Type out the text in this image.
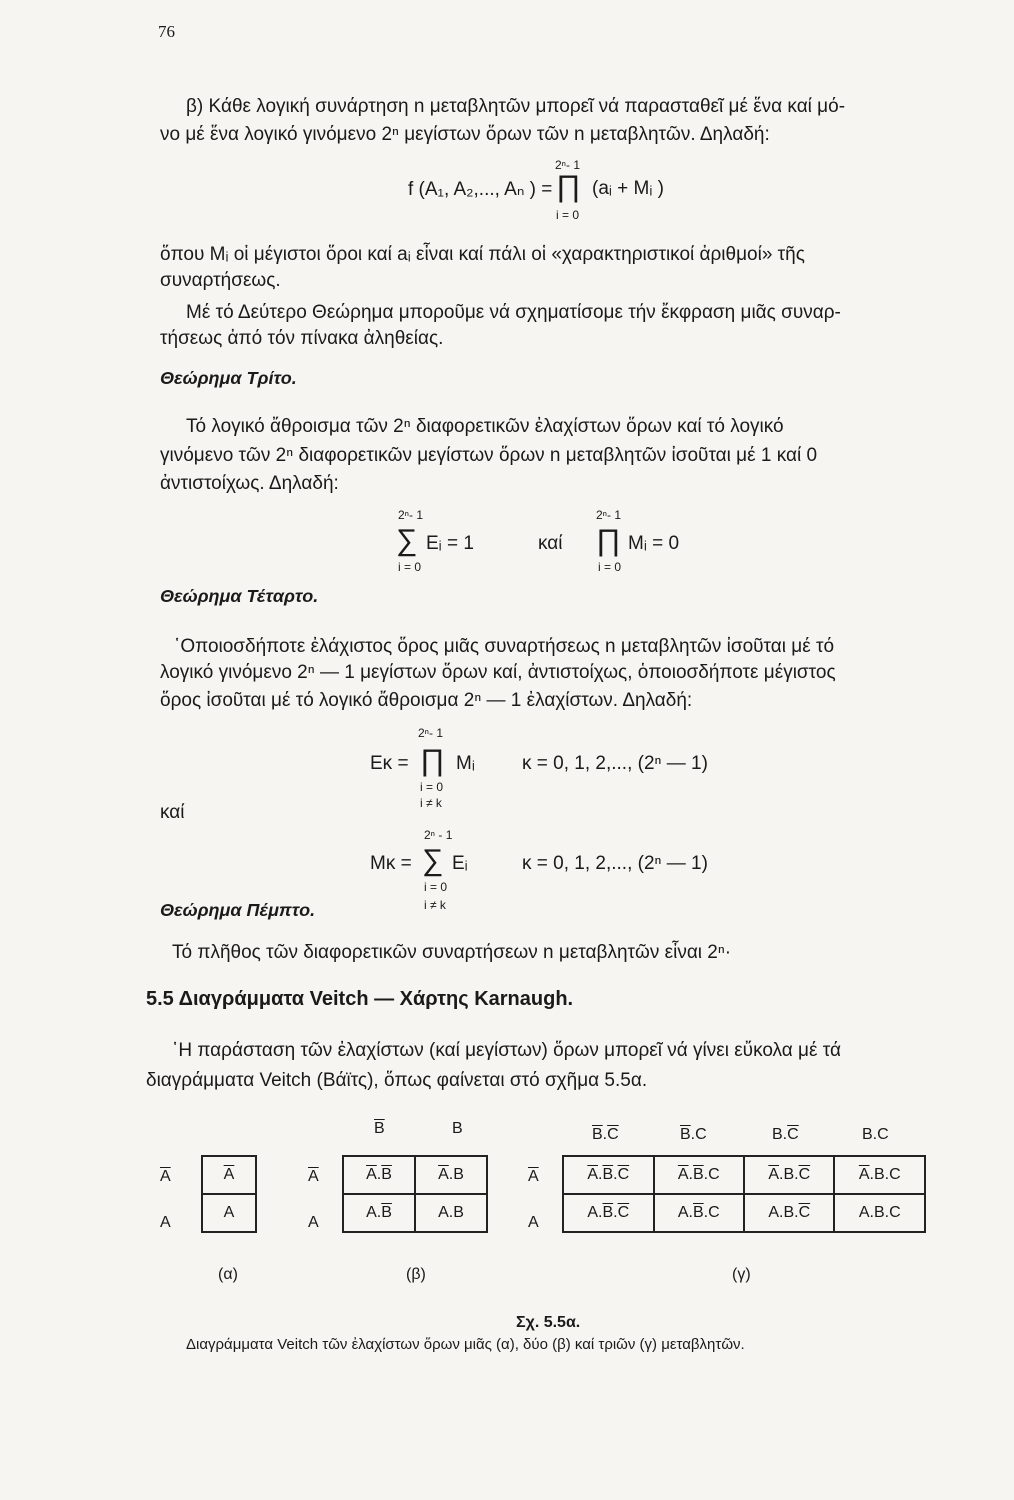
76
β) Κάθε λογική συνάρτηση n μεταβλητῶν μπορεῖ νά παρασταθεῖ μέ ἕνα καί μό-
νο μέ ἕνα λογικό γινόμενο 2ⁿ μεγίστων ὅρων τῶν n μεταβλητῶν. Δηλαδή:
2ⁿ- 1
f (A₁, A₂,..., Aₙ ) = ∏ (aᵢ + Mᵢ )
i = 0
ὅπου Mᵢ οἱ μέγιστοι ὅροι καί aᵢ εἶναι καί πάλι οἱ «χαρακτηριστικοί ἀριθμοί» τῆς
συναρτήσεως.
Μέ τό Δεύτερο Θεώρημα μποροῦμε νά σχηματίσομε τήν ἔκφραση μιᾶς συναρ-
τήσεως ἀπό τόν πίνακα ἀληθείας.
Θεώρημα Τρίτο.
Τό λογικό ἄθροισμα τῶν 2ⁿ διαφορετικῶν ἐλαχίστων ὅρων καί τό λογικό
γινόμενο τῶν 2ⁿ διαφορετικῶν μεγίστων ὅρων n μεταβλητῶν ἰσοῦται μέ 1 καί 0
ἀντιστοίχως. Δηλαδή:
2ⁿ- 1
∑ Eᵢ = 1
i = 0
καί
2ⁿ- 1
∏ Mᵢ = 0
i = 0
Θεώρημα Τέταρτο.
῾Οποιοσδήποτε ἐλάχιστος ὅρος μιᾶς συναρτήσεως n μεταβλητῶν ἰσοῦται μέ τό
λογικό γινόμενο 2ⁿ — 1 μεγίστων ὅρων καί, ἀντιστοίχως, ὁποιοσδήποτε μέγιστος
ὅρος ἰσοῦται μέ τό λογικό ἄθροισμα 2ⁿ — 1 ἐλαχίστων. Δηλαδή:
2ⁿ- 1
Eκ = ∏ Mᵢ κ = 0, 1, 2,..., (2ⁿ — 1)
i = 0
i ≠ k
καί
2ⁿ - 1
Mκ = ∑ Eᵢ	κ = 0, 1, 2,..., (2ⁿ — 1)
i = 0
i ≠ k
Θεώρημα Πέμπτο.
Τό πλῆθος τῶν διαφορετικῶν συναρτήσεων n μεταβλητῶν εἶναι 2ⁿ·
5.5 Διαγράμματα Veitch — Χάρτης Karnaugh.
῾Η παράσταση τῶν ἐλαχίστων (καί μεγίστων) ὅρων μπορεῖ νά γίνει εὔκολα μέ τά
διαγράμματα Veitch (Βάϊτς), ὅπως φαίνεται στό σχῆμα 5.5α.
$\overline{A}$
A
$\overline{A}$
A
(α)
$\overline{B}$	B
$\overline{A}$
A
$\overline{A}.\overline{B}$	$\overline{A}.B$
$A.\overline{B}$	A.B
(β)
$\overline{B}.\overline{C}$	$\overline{B}.C$	$B.\overline{C}$	B.C
$\overline{A}$
A
$\overline{A}.\overline{B}.\overline{C}$	$\overline{A}.\overline{B}.C$	$\overline{A}.B.\overline{C}$	$\overline{A}.B.C$
$A.\overline{B}.\overline{C}$	$A.\overline{B}.C$	$A.B.\overline{C}$	A.B.C
(γ)
Σχ. 5.5α.
Διαγράμματα Veitch τῶν ἐλαχίστων ὅρων μιᾶς (α), δύο (β) καί τριῶν (γ) μεταβλητῶν.
